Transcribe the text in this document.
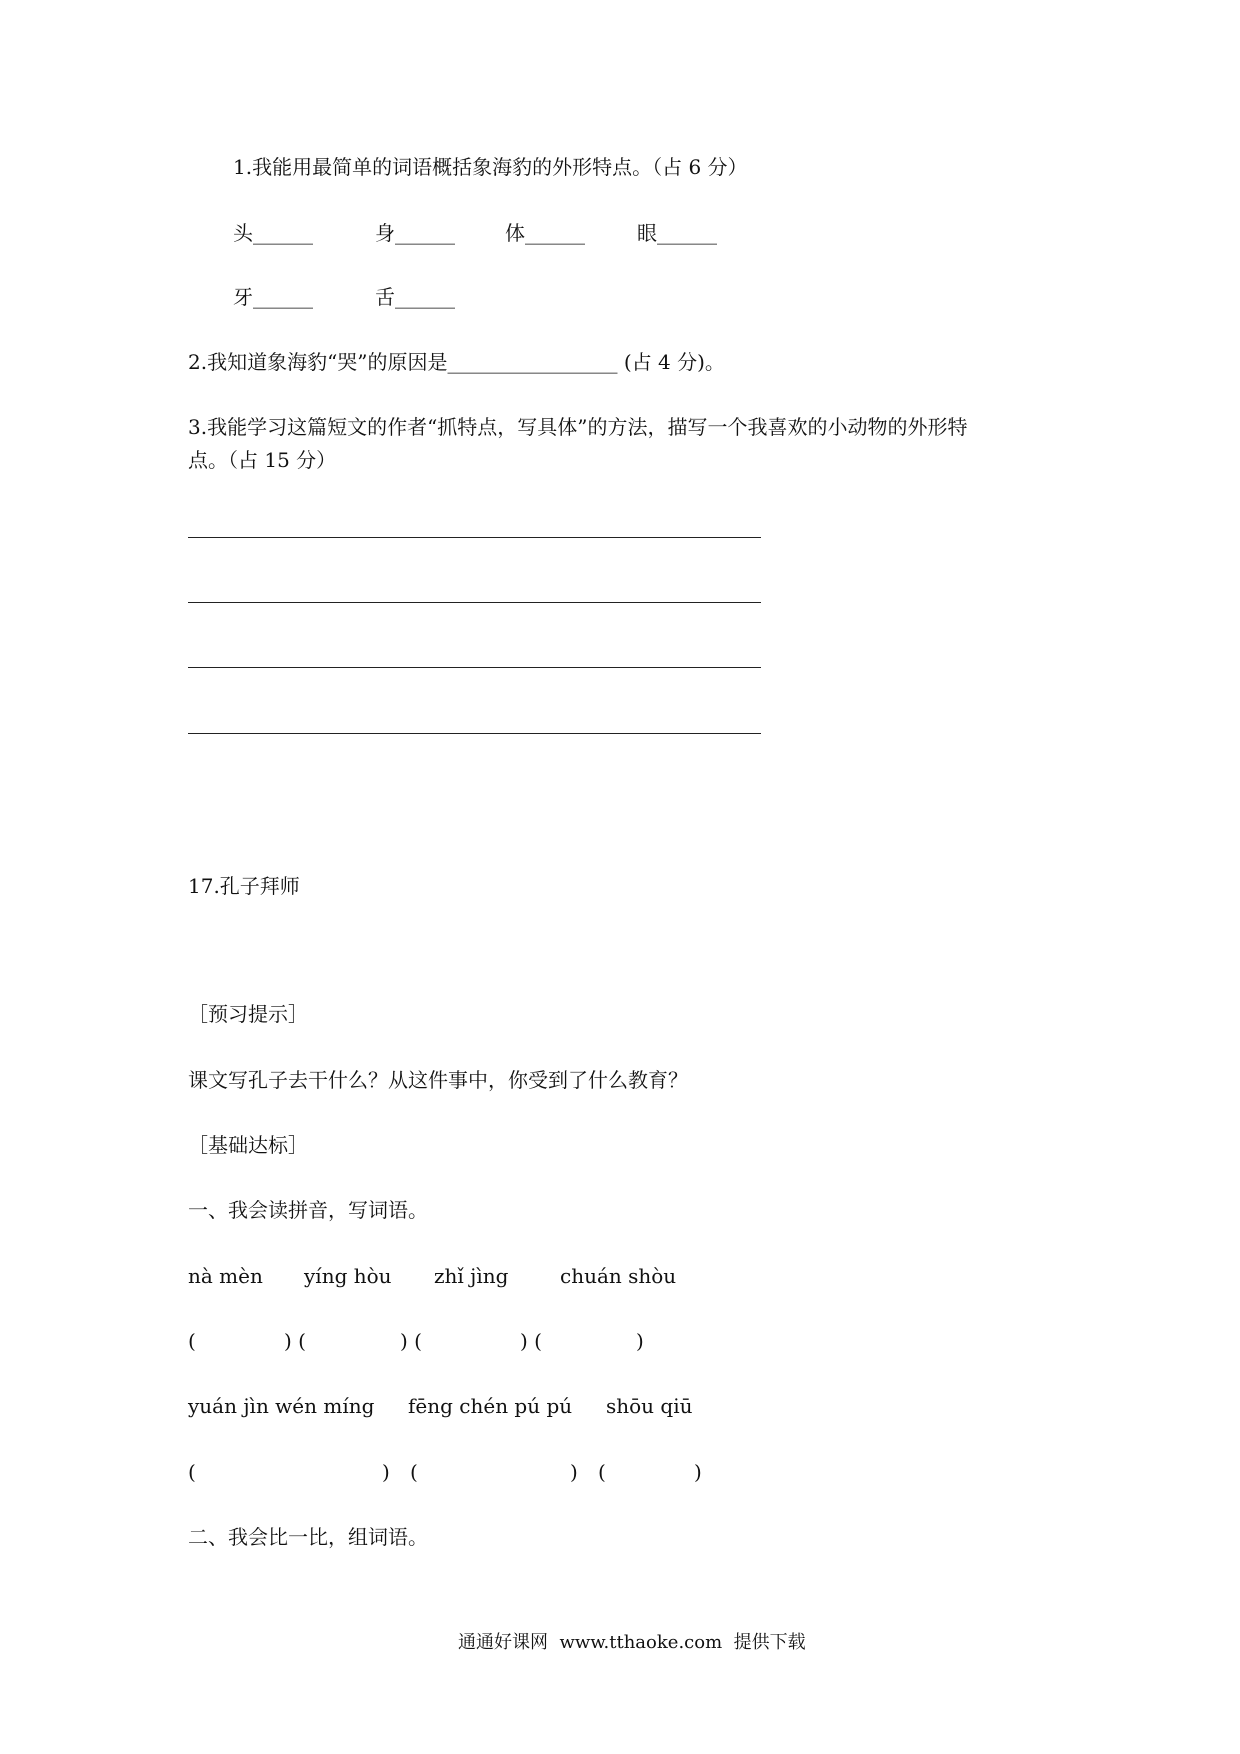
1.我能用最简单的词语概括象海豹的外形特点。（占 6 分）
头______	身______	体______	眼______
牙______	舌______
2.我知道象海豹“哭”的原因是_________________ (占 4 分)。
3.我能学习这篇短文的作者“抓特点，写具体”的方法，描写一个我喜欢的小动物的外形特
点。（占 15 分）
17.孔子拜师
［预习提示］
课文写孔子去干什么？从这件事中，你受到了什么教育？
［基础达标］
一、我会读拼音，写词语。
nà mèn yíng hòu zhǐ jìng	chuán shòu
(	) (	) (	) (	)
yuán jìn wén míng fēng chén pú pú shōu qiū
(	) (	) (	)
二、我会比一比，组词语。
通通好课网  www.tthaoke.com  提供下载
